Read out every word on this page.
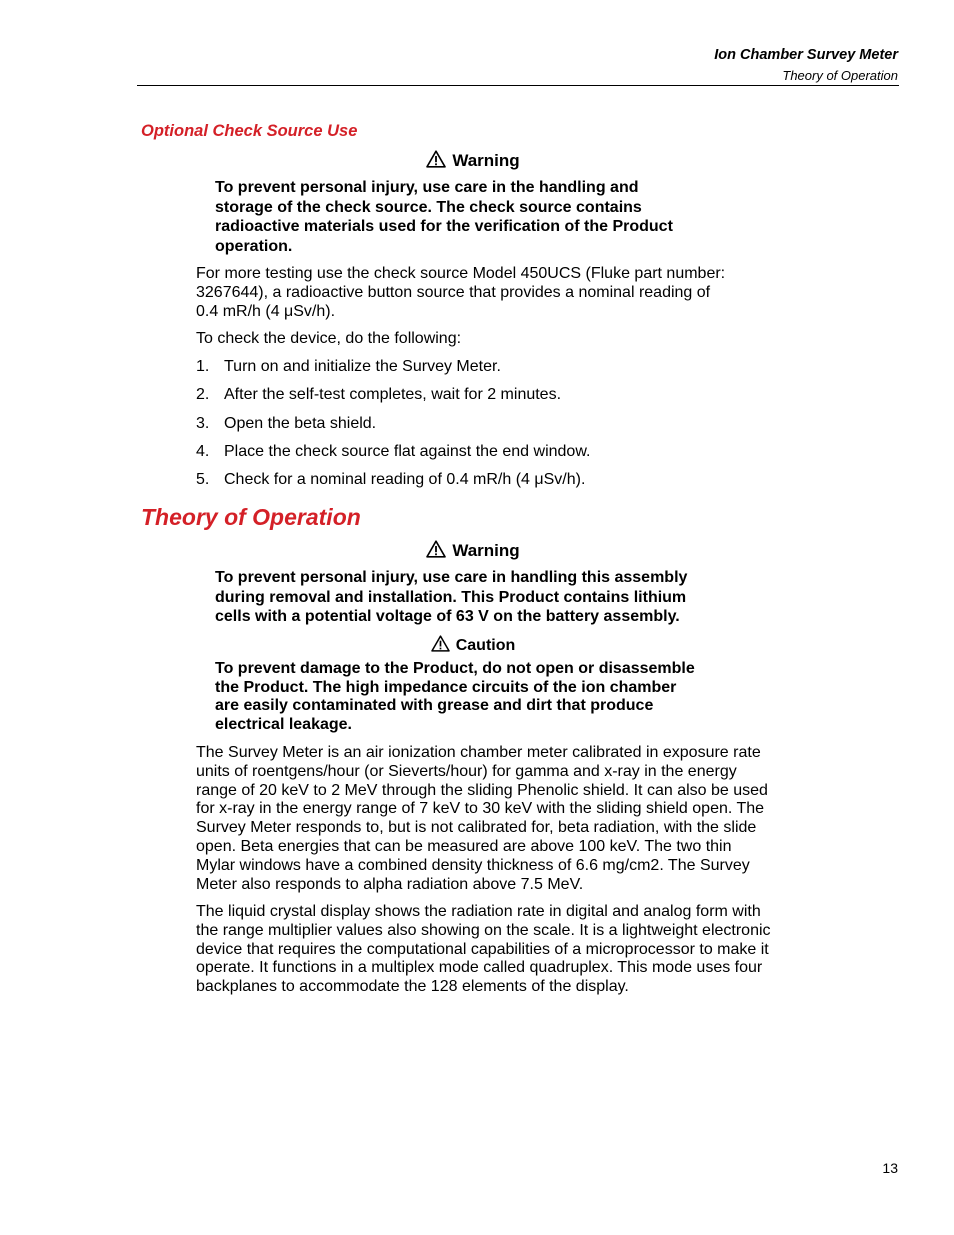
Ion Chamber Survey Meter
Theory of Operation
Optional Check Source Use
Warning

To prevent personal injury, use care in the handling and

storage of the check source. The check source contains

radioactive materials used for the verification of the Product

operation.

For more testing use the check source Model 450UCS (Fluke part number:
3267644), a radioactive button source that provides a nominal reading of
0.4 mR/h (4 μSv/h).
To check the device, do the following:
1. Turn on and initialize the Survey Meter.
2. After the self-test completes, wait for 2 minutes.
3. Open the beta shield.
4. Place the check source flat against the end window.
5. Check for a nominal reading of 0.4 mR/h (4 μSv/h).
Theory of Operation
Warning

To prevent personal injury, use care in handling this assembly

during removal and installation. This Product contains lithium

cells with a potential voltage of 63 V on the battery assembly.

Caution

To prevent damage to the Product, do not open or disassemble

the Product. The high impedance circuits of the ion chamber

are easily contaminated with grease and dirt that produce

electrical leakage.

The Survey Meter is an air ionization chamber meter calibrated in exposure rate
units of roentgens/hour (or Sieverts/hour) for gamma and x-ray in the energy
range of 20 keV to 2 MeV through the sliding Phenolic shield. It can also be used
for x-ray in the energy range of 7 keV to 30 keV with the sliding shield open. The
Survey Meter responds to, but is not calibrated for, beta radiation, with the slide
open. Beta energies that can be measured are above 100 keV. The two thin
Mylar windows have a combined density thickness of 6.6 mg/cm2. The Survey
Meter also responds to alpha radiation above 7.5 MeV.
The liquid crystal display shows the radiation rate in digital and analog form with
the range multiplier values also showing on the scale. It is a lightweight electronic
device that requires the computational capabilities of a microprocessor to make it
operate. It functions in a multiplex mode called quadruplex. This mode uses four
backplanes to accommodate the 128 elements of the display.
13
